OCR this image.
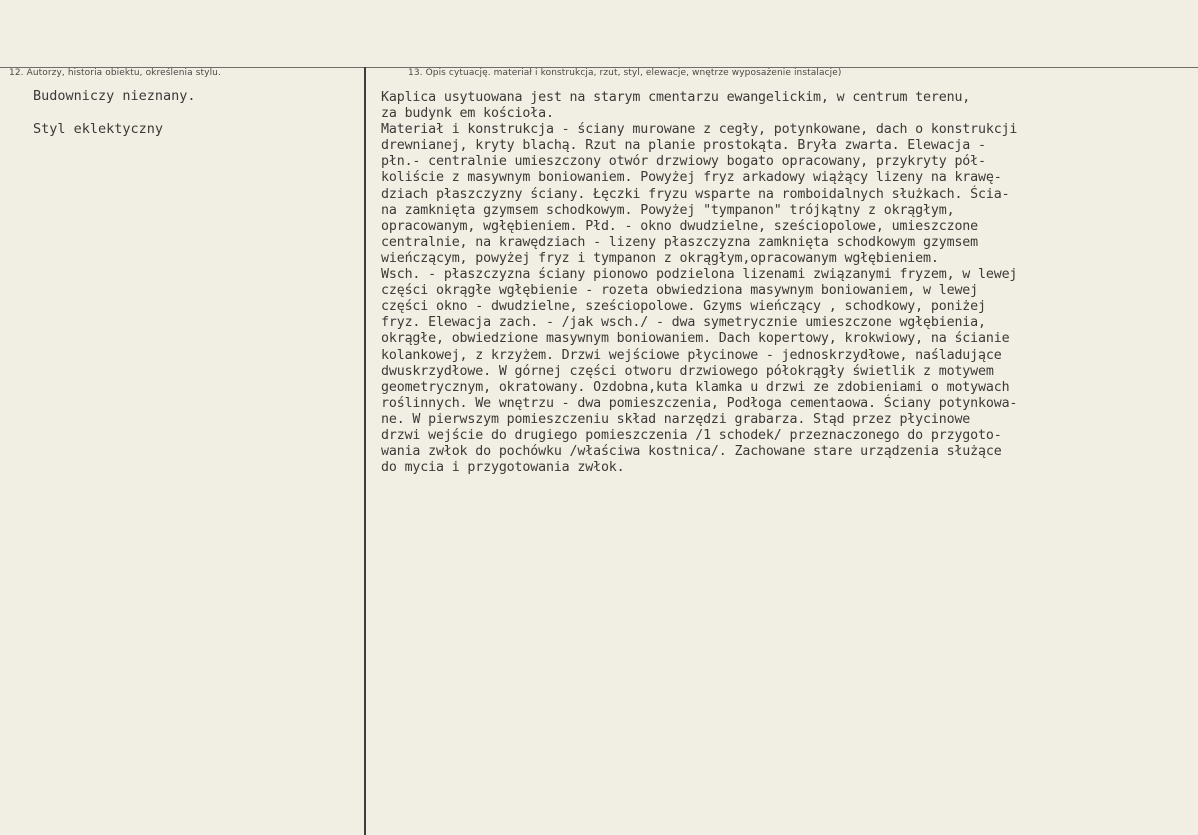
12. Autorzy, historia obiektu, określenia stylu.	13. Opis cytuację. materiał i konstrukcja, rzut, styl, elewacje, wnętrze wyposażenie instalacje)
Budowniczy nieznany.
Styl eklektyczny
Kaplica usytuowana jest na starym cmentarzu ewangelickim, w centrum terenu,
za budynk em kościoła.
Materiał i konstrukcja - ściany murowane z cegły, potynkowane, dach o konstrukcji
drewnianej, kryty blachą. Rzut na planie prostokąta. Bryła zwarta. Elewacja -
płn.- centralnie umieszczony otwór drzwiowy bogato opracowany, przykryty pół-
koliście z masywnym boniowaniem. Powyżej fryz arkadowy wiążący lizeny na krawę-
dziach płaszczyzny ściany. Łęczki fryzu wsparte na romboidalnych służkach. Ścia-
na zamknięta gzymsem schodkowym. Powyżej "tympanon" trójkątny z okrągłym,
opracowanym, wgłębieniem. Płd. - okno dwudzielne, sześciopolowe, umieszczone
centralnie, na krawędziach - lizeny płaszczyzna zamknięta schodkowym gzymsem
wieńczącym, powyżej fryz i tympanon z okrągłym,opracowanym wgłębieniem.
Wsch. - płaszczyzna ściany pionowo podzielona lizenami związanymi fryzem, w lewej
części okrągłe wgłębienie - rozeta obwiedziona masywnym boniowaniem, w lewej
części okno - dwudzielne, sześciopolowe. Gzyms wieńczący , schodkowy, poniżej
fryz. Elewacja zach. - /jak wsch./ - dwa symetrycznie umieszczone wgłębienia,
okrągłe, obwiedzione masywnym boniowaniem. Dach kopertowy, krokwiowy, na ścianie
kolankowej, z krzyżem. Drzwi wejściowe płycinowe - jednoskrzydłowe, naśladujące
dwuskrzydłowe. W górnej części otworu drzwiowego półokrągły świetlik z motywem
geometrycznym, okratowany. Ozdobna,kuta klamka u drzwi ze zdobieniami o motywach
roślinnych. We wnętrzu - dwa pomieszczenia, Podłoga cementaowa. Ściany potynkowa-
ne. W pierwszym pomieszczeniu skład narzędzi grabarza. Stąd przez płycinowe
drzwi wejście do drugiego pomieszczenia /1 schodek/ przeznaczonego do przygoto-
wania zwłok do pochówku /właściwa kostnica/. Zachowane stare urządzenia służące
do mycia i przygotowania zwłok.
